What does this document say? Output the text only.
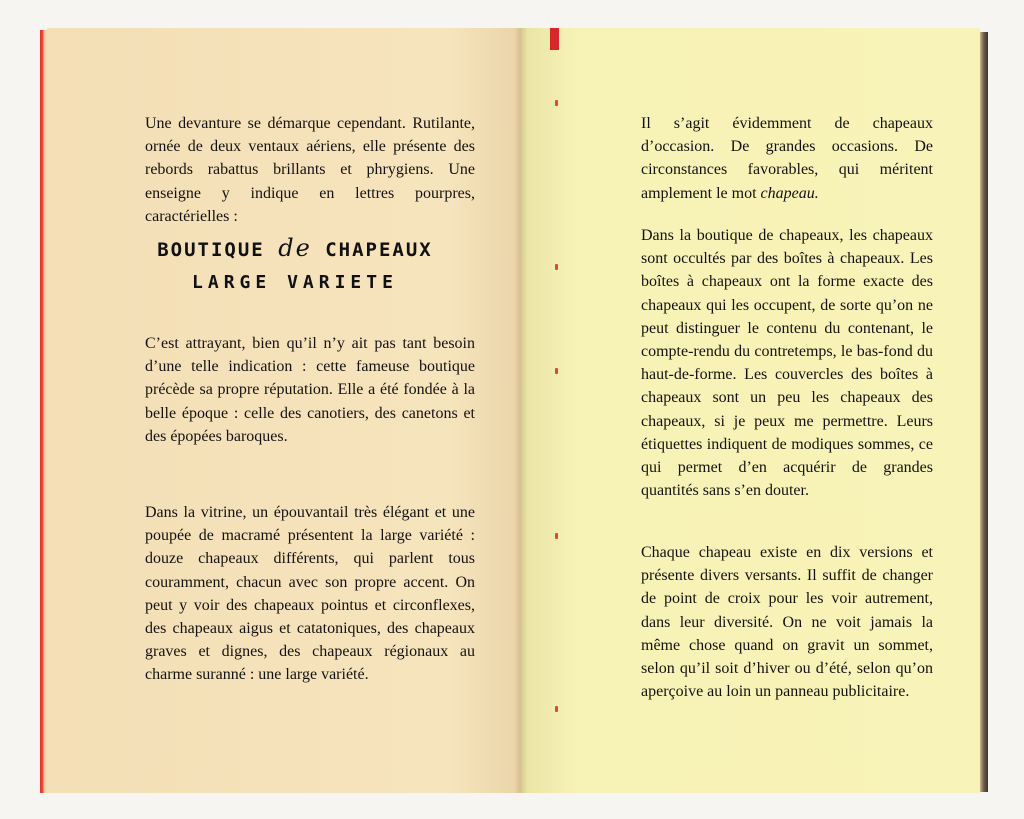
Une devanture se démarque cependant. Rutilante, ornée de deux ventaux aériens, elle présente des rebords rabattus brillants et phrygiens. Une enseigne y indique en lettres pourpres, caractérielles :

BOUTIQUE de CHAPEAUX
LARGE VARIETE

C’est attrayant, bien qu’il n’y ait pas tant besoin d’une telle indication : cette fameuse boutique précède sa propre réputation. Elle a été fondée à la belle époque : celle des canotiers, des canetons et des épopées baroques.

Dans la vitrine, un épouvantail très élégant et une poupée de macramé présentent la large variété : douze chapeaux différents, qui parlent tous couramment, chacun avec son propre accent. On peut y voir des chapeaux pointus et circonflexes, des chapeaux aigus et catatoniques, des chapeaux graves et dignes, des chapeaux régionaux au charme suranné : une large variété.

Il s’agit évidemment de chapeaux d’occasion. De grandes occasions. De circonstances favorables, qui méritent amplement le mot chapeau.

Dans la boutique de chapeaux, les chapeaux sont occultés par des boîtes à chapeaux. Les boîtes à chapeaux ont la forme exacte des chapeaux qui les occupent, de sorte qu’on ne peut distinguer le contenu du contenant, le compte-rendu du contretemps, le bas-fond du haut-de-forme. Les couvercles des boîtes à chapeaux sont un peu les chapeaux des chapeaux, si je peux me permettre. Leurs étiquettes indiquent de modiques sommes, ce qui permet d’en acquérir de grandes quantités sans s’en douter.

Chaque chapeau existe en dix versions et présente divers versants. Il suffit de changer de point de croix pour les voir autrement, dans leur diversité. On ne voit jamais la même chose quand on gravit un sommet, selon qu’il soit d’hiver ou d’été, selon qu’on aperçoive au loin un panneau publicitaire.
